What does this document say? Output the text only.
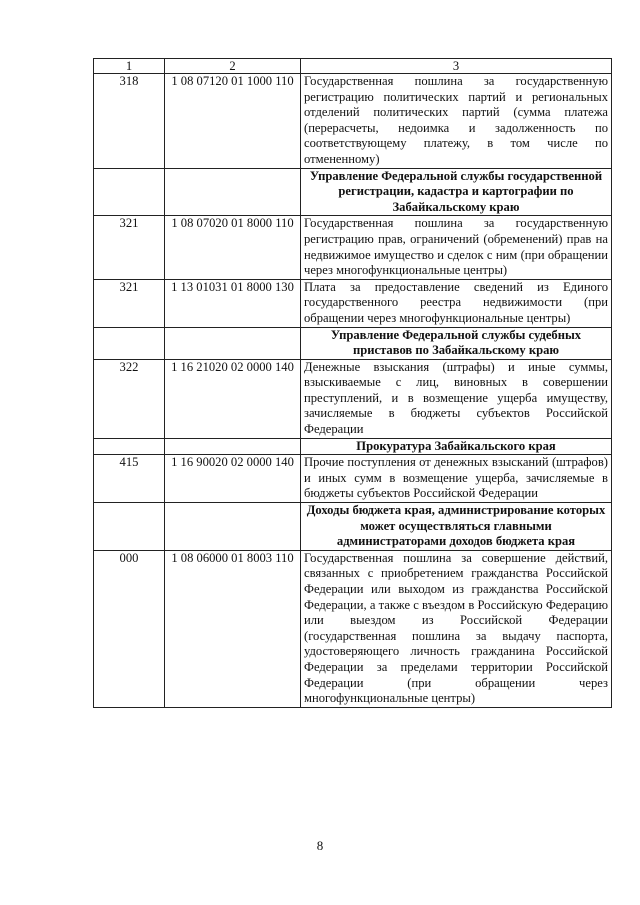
1	2	3
318	1 08 07120 01 1000 110	Государственная пошлина за государственную регистрацию политических партий и региональных отделений политических партий (сумма платежа (перерасчеты, недоимка и задолженность по соответствующему платежу, в том числе по отмененному)
		Управление Федеральной службы государственной регистрации, кадастра и картографии по Забайкальскому краю
321	1 08 07020 01 8000 110	Государственная пошлина за государственную регистрацию прав, ограничений (обременений) прав на недвижимое имущество и сделок с ним (при обращении через многофункциональные центры)
321	1 13 01031 01 8000 130	Плата за предоставление сведений из Единого государственного реестра недвижимости (при обращении через многофункциональные центры)
		Управление Федеральной службы судебных приставов по Забайкальскому краю
322	1 16 21020 02 0000 140	Денежные взыскания (штрафы) и иные суммы, взыскиваемые с лиц, виновных в совершении преступлений, и в возмещение ущерба имуществу, зачисляемые в бюджеты субъектов Российской Федерации
		Прокуратура Забайкальского края
415	1 16 90020 02 0000 140	Прочие поступления от денежных взысканий (штрафов) и иных сумм в возмещение ущерба, зачисляемые в бюджеты субъектов Российской Федерации
		Доходы бюджета края, администрирование которых может осуществляться главными администраторами доходов бюджета края
000	1 08 06000 01 8003 110	Государственная пошлина за совершение действий, связанных с приобретением гражданства Российской Федерации или выходом из гражданства Российской Федерации, а также с въездом в Российскую Федерацию или выездом из Российской Федерации (государственная пошлина за выдачу паспорта, удостоверяющего личность гражданина Российской Федерации за пределами территории Российской Федерации (при обращении через многофункциональные центры)
8
